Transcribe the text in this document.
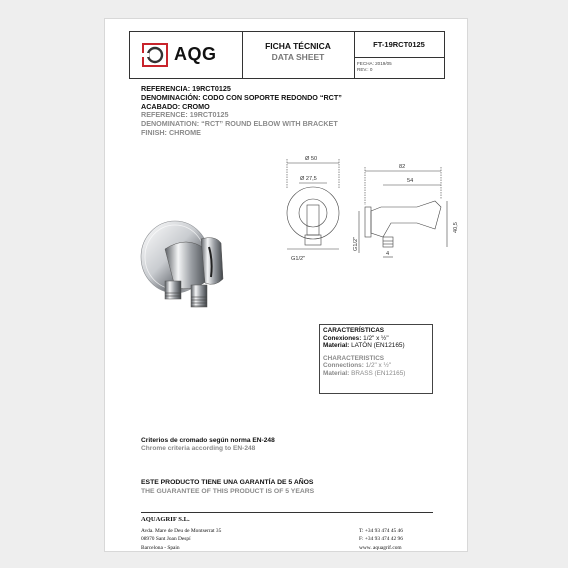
AQG	FICHA TÉCNICA
DATA SHEET
FT-19RCT0125
FECHA: 2019/05
REV.: 0
REFERENCIA: 19RCT0125
DENOMINACIÓN: CODO CON SOPORTE REDONDO “RCT”
ACABADO: CROMO
REFERENCE: 19RCT0125
DENOMINATION: “RCT” ROUND ELBOW WITH BRACKET
FINISH: CHROME
Ø 50
Ø 27,5
G1/2"
82
54
40,5
4
G1/2"
CARACTERÍSTICAS
Conexiones: 1/2" x ½"
Material: LATÓN (EN12165)
CHARACTERISTICS
Connections: 1/2" x ½"
Material: BRASS (EN12165)
Criterios de cromado según norma EN-248
Chrome criteria according to EN-248
ESTE PRODUCTO TIENE UNA GARANTÍA DE 5 AÑOS
THE GUARANTEE OF THIS PRODUCT IS OF 5 YEARS
AQUAGRIF S.L.
Avda. Mare de Deu de Montserrat 35
08970 Sant Joan Despí
Barcelona - Spain
T: +34 93 474 45 46
F: +34 93 474 42 96
www. aquagrif.com
